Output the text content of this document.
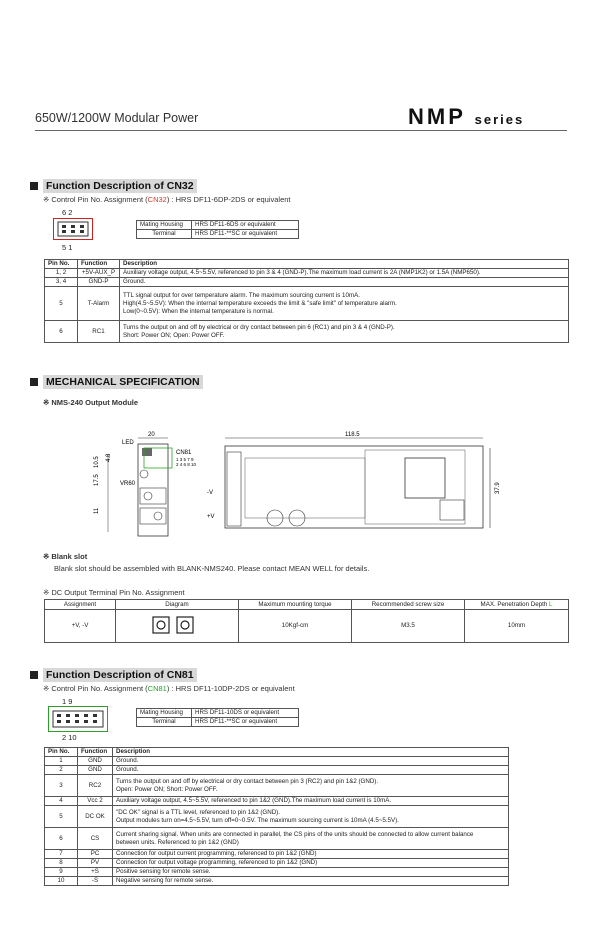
650W/1200W Modular Power	NMP series
Function Description of CN32
※ Control Pin No. Assignment (CN32) : HRS DF11-6DP-2DS or equivalent
6 2
5 1
Mating Housing	HRS DF11-6DS or equivalent
Terminal	HRS DF11-**SC or equivalent
Pin No.	Function	Description
1, 2	+5V-AUX_P	Auxiliary voltage output, 4.5~5.5V, referenced to pin 3 & 4 (GND-P).The maximum load current is 2A (NMP1K2) or 1.5A (NMP650).
3, 4	GND-P	Ground.
5	T-Alarm	TTL signal output for over temperature alarm. The maximum sourcing current is 10mA.
High(4.5~5.5V): When the internal temperature exceeds the limit & "safe limit" of temperature alarm.
Low(0~0.5V): When the internal temperature is normal.

6	RC1	Turns the output on and off by electrical or dry contact between pin 6 (RC1) and pin 3 & 4 (GND-P).
Short: Power ON; Open: Power OFF.
MECHANICAL SPECIFICATION
※ NMS-240 Output Module
20
CN81
1 3 5 7 9
2 4 6 8 10
LED
VR60
10.5 4.8
17.5
11
118.5
37.9
-V
+V
※ Blank slot
Blank slot should be assembled with BLANK-NMS240. Please contact MEAN WELL for details.
※ DC Output Terminal Pin No. Assignment
Assignment	Diagram	Maximum mounting torque	Recommended screw size	MAX. Penetration Depth L
+V, -V		10Kgf-cm	M3.5	10mm
Function Description of CN81
※ Control Pin No. Assignment (CN81) : HRS DF11-10DP-2DS or equivalent
1 9
2 10
Mating Housing	HRS DF11-10DS or equivalent
Terminal	HRS DF11-**SC or equivalent
Pin No.	Function	Description
1	GND	Ground.
2	GND	Ground.
3	RC2	Turns the output on and off by electrical or dry contact between pin 3 (RC2) and pin 1&2 (GND).
Open: Power ON; Short: Power OFF.

4	Vcc 2	Auxiliary voltage output, 4.5~5.5V, referenced to pin 1&2 (GND).The maximum load current is 10mA.
5	DC OK	"DC OK" signal is a TTL level, referenced to pin 1&2 (GND).
Output modules turn on=4.5~5.5V, turn off=0~0.5V. The maximum sourcing current is 10mA (4.5~5.5V).

6	CS	Current sharing signal. When units are connected in parallel, the CS pins of the units should be connected to allow current balance
between units. Referenced to pin 1&2 (GND)

7	PC	Connection for output current programming, referenced to pin 1&2 (GND)
8	PV	Connection for output voltage programming, referenced to pin 1&2 (GND)
9	+S	Positive sensing for remote sense.
10	-S	Negative sensing for remote sense.
